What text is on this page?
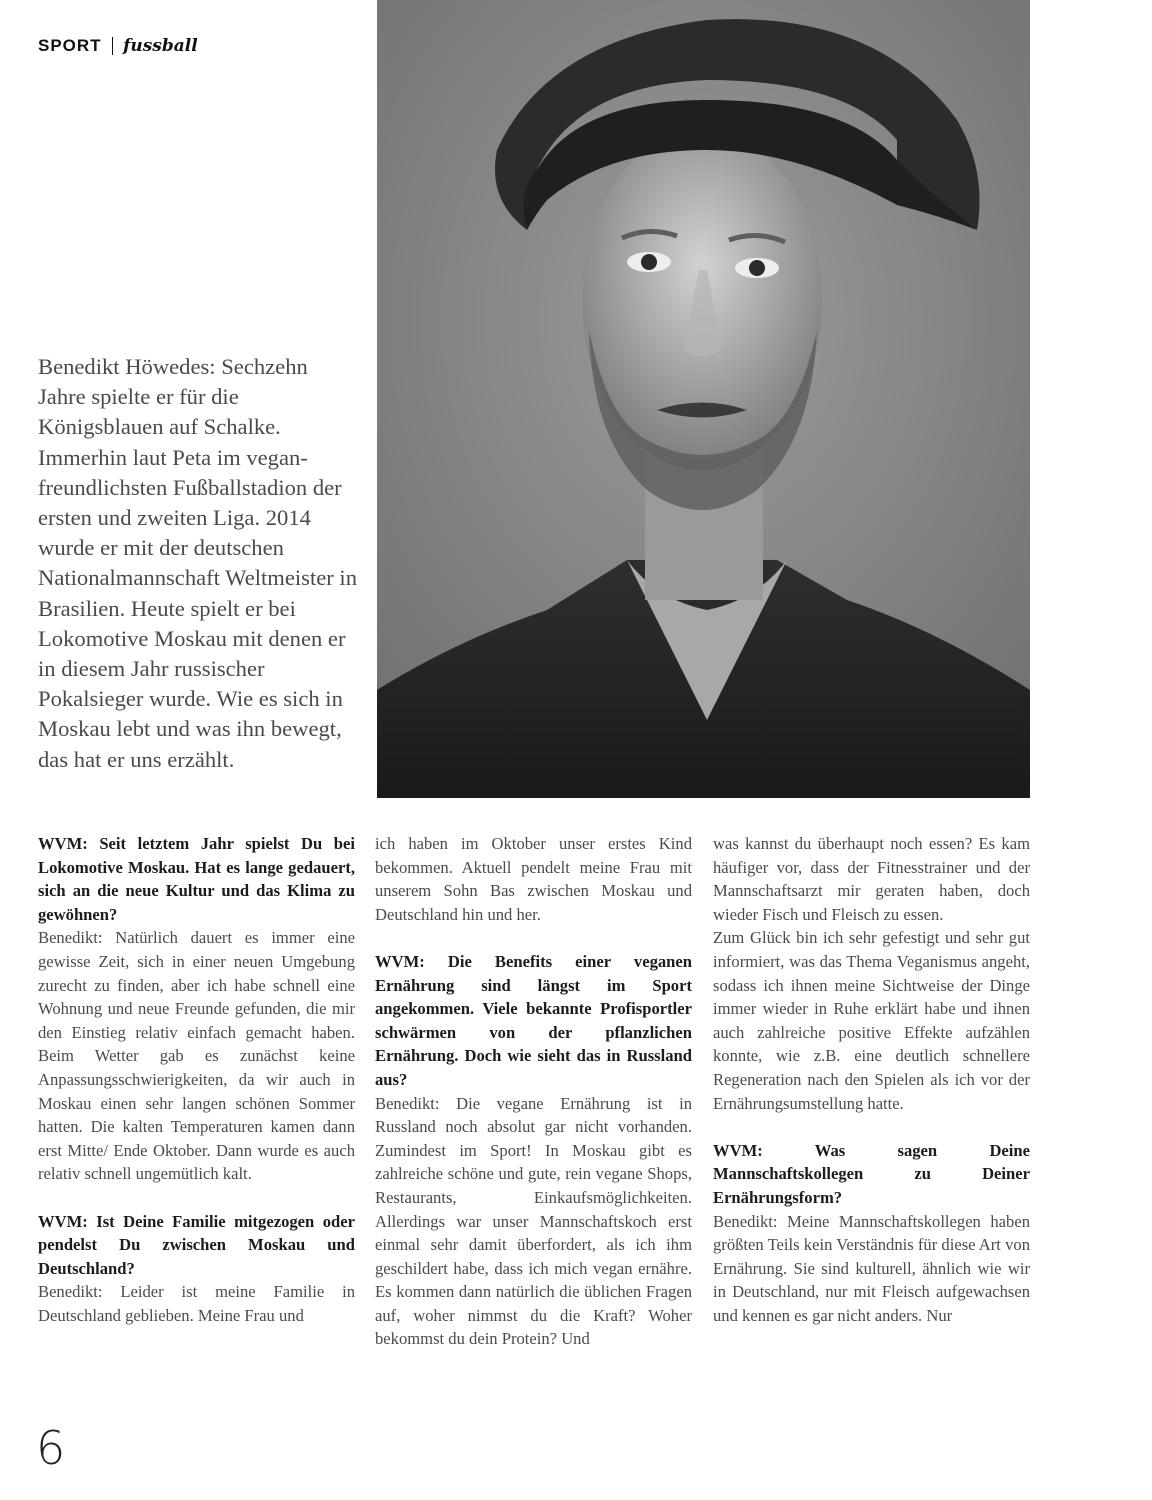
SPORT fussball
Benedikt Höwedes: Sechzehn Jahre spielte er für die Königsblauen auf Schalke. Immerhin laut Peta im vegan-freundlichsten Fußballstadion der ersten und zweiten Liga. 2014 wurde er mit der deutschen Nationalmannschaft Weltmeister in Brasilien. Heute spielt er bei Lokomotive Moskau mit denen er in diesem Jahr russischer Pokalsieger wurde. Wie es sich in Moskau lebt und was ihn bewegt, das hat er uns erzählt.
WVM: Seit letztem Jahr spielst Du bei Lokomotive Moskau. Hat es lange gedauert, sich an die neue Kultur und das Klima zu gewöhnen?
Benedikt: Natürlich dauert es immer eine gewisse Zeit, sich in einer neuen Umgebung zurecht zu finden, aber ich habe schnell eine Wohnung und neue Freunde gefunden, die mir den Einstieg relativ einfach gemacht haben. Beim Wetter gab es zunächst keine Anpassungsschwierigkeiten, da wir auch in Moskau einen sehr langen schönen Sommer hatten. Die kalten Temperaturen kamen dann erst Mitte/ Ende Oktober. Dann wurde es auch relativ schnell ungemütlich kalt.
WVM: Ist Deine Familie mitgezogen oder pendelst Du zwischen Moskau und Deutschland?
Benedikt: Leider ist meine Familie in Deutschland geblieben. Meine Frau und
ich haben im Oktober unser erstes Kind bekommen. Aktuell pendelt meine Frau mit unserem Sohn Bas zwischen Moskau und Deutschland hin und her.
WVM: Die Benefits einer veganen Ernährung sind längst im Sport angekommen. Viele bekannte Profisportler schwärmen von der pflanzlichen Ernährung. Doch wie sieht das in Russland aus?
Benedikt: Die vegane Ernährung ist in Russland noch absolut gar nicht vorhanden. Zumindest im Sport! In Moskau gibt es zahlreiche schöne und gute, rein vegane Shops, Restaurants, Einkaufsmöglichkeiten. Allerdings war unser Mannschaftskoch erst einmal sehr damit überfordert, als ich ihm geschildert habe, dass ich mich vegan ernähre. Es kommen dann natürlich die üblichen Fragen auf, woher nimmst du die Kraft? Woher bekommst du dein Protein? Und
was kannst du überhaupt noch essen? Es kam häufiger vor, dass der Fitnesstrainer und der Mannschaftsarzt mir geraten haben, doch wieder Fisch und Fleisch zu essen.
Zum Glück bin ich sehr gefestigt und sehr gut informiert, was das Thema Veganismus angeht, sodass ich ihnen meine Sichtweise der Dinge immer wieder in Ruhe erklärt habe und ihnen auch zahlreiche positive Effekte aufzählen konnte, wie z.B. eine deutlich schnellere Regeneration nach den Spielen als ich vor der Ernährungsumstellung hatte.
WVM: Was sagen Deine Mannschaftskollegen zu Deiner Ernährungsform?
Benedikt: Meine Mannschaftskollegen haben größten Teils kein Verständnis für diese Art von Ernährung. Sie sind kulturell, ähnlich wie wir in Deutschland, nur mit Fleisch aufgewachsen und kennen es gar nicht anders. Nur
6
